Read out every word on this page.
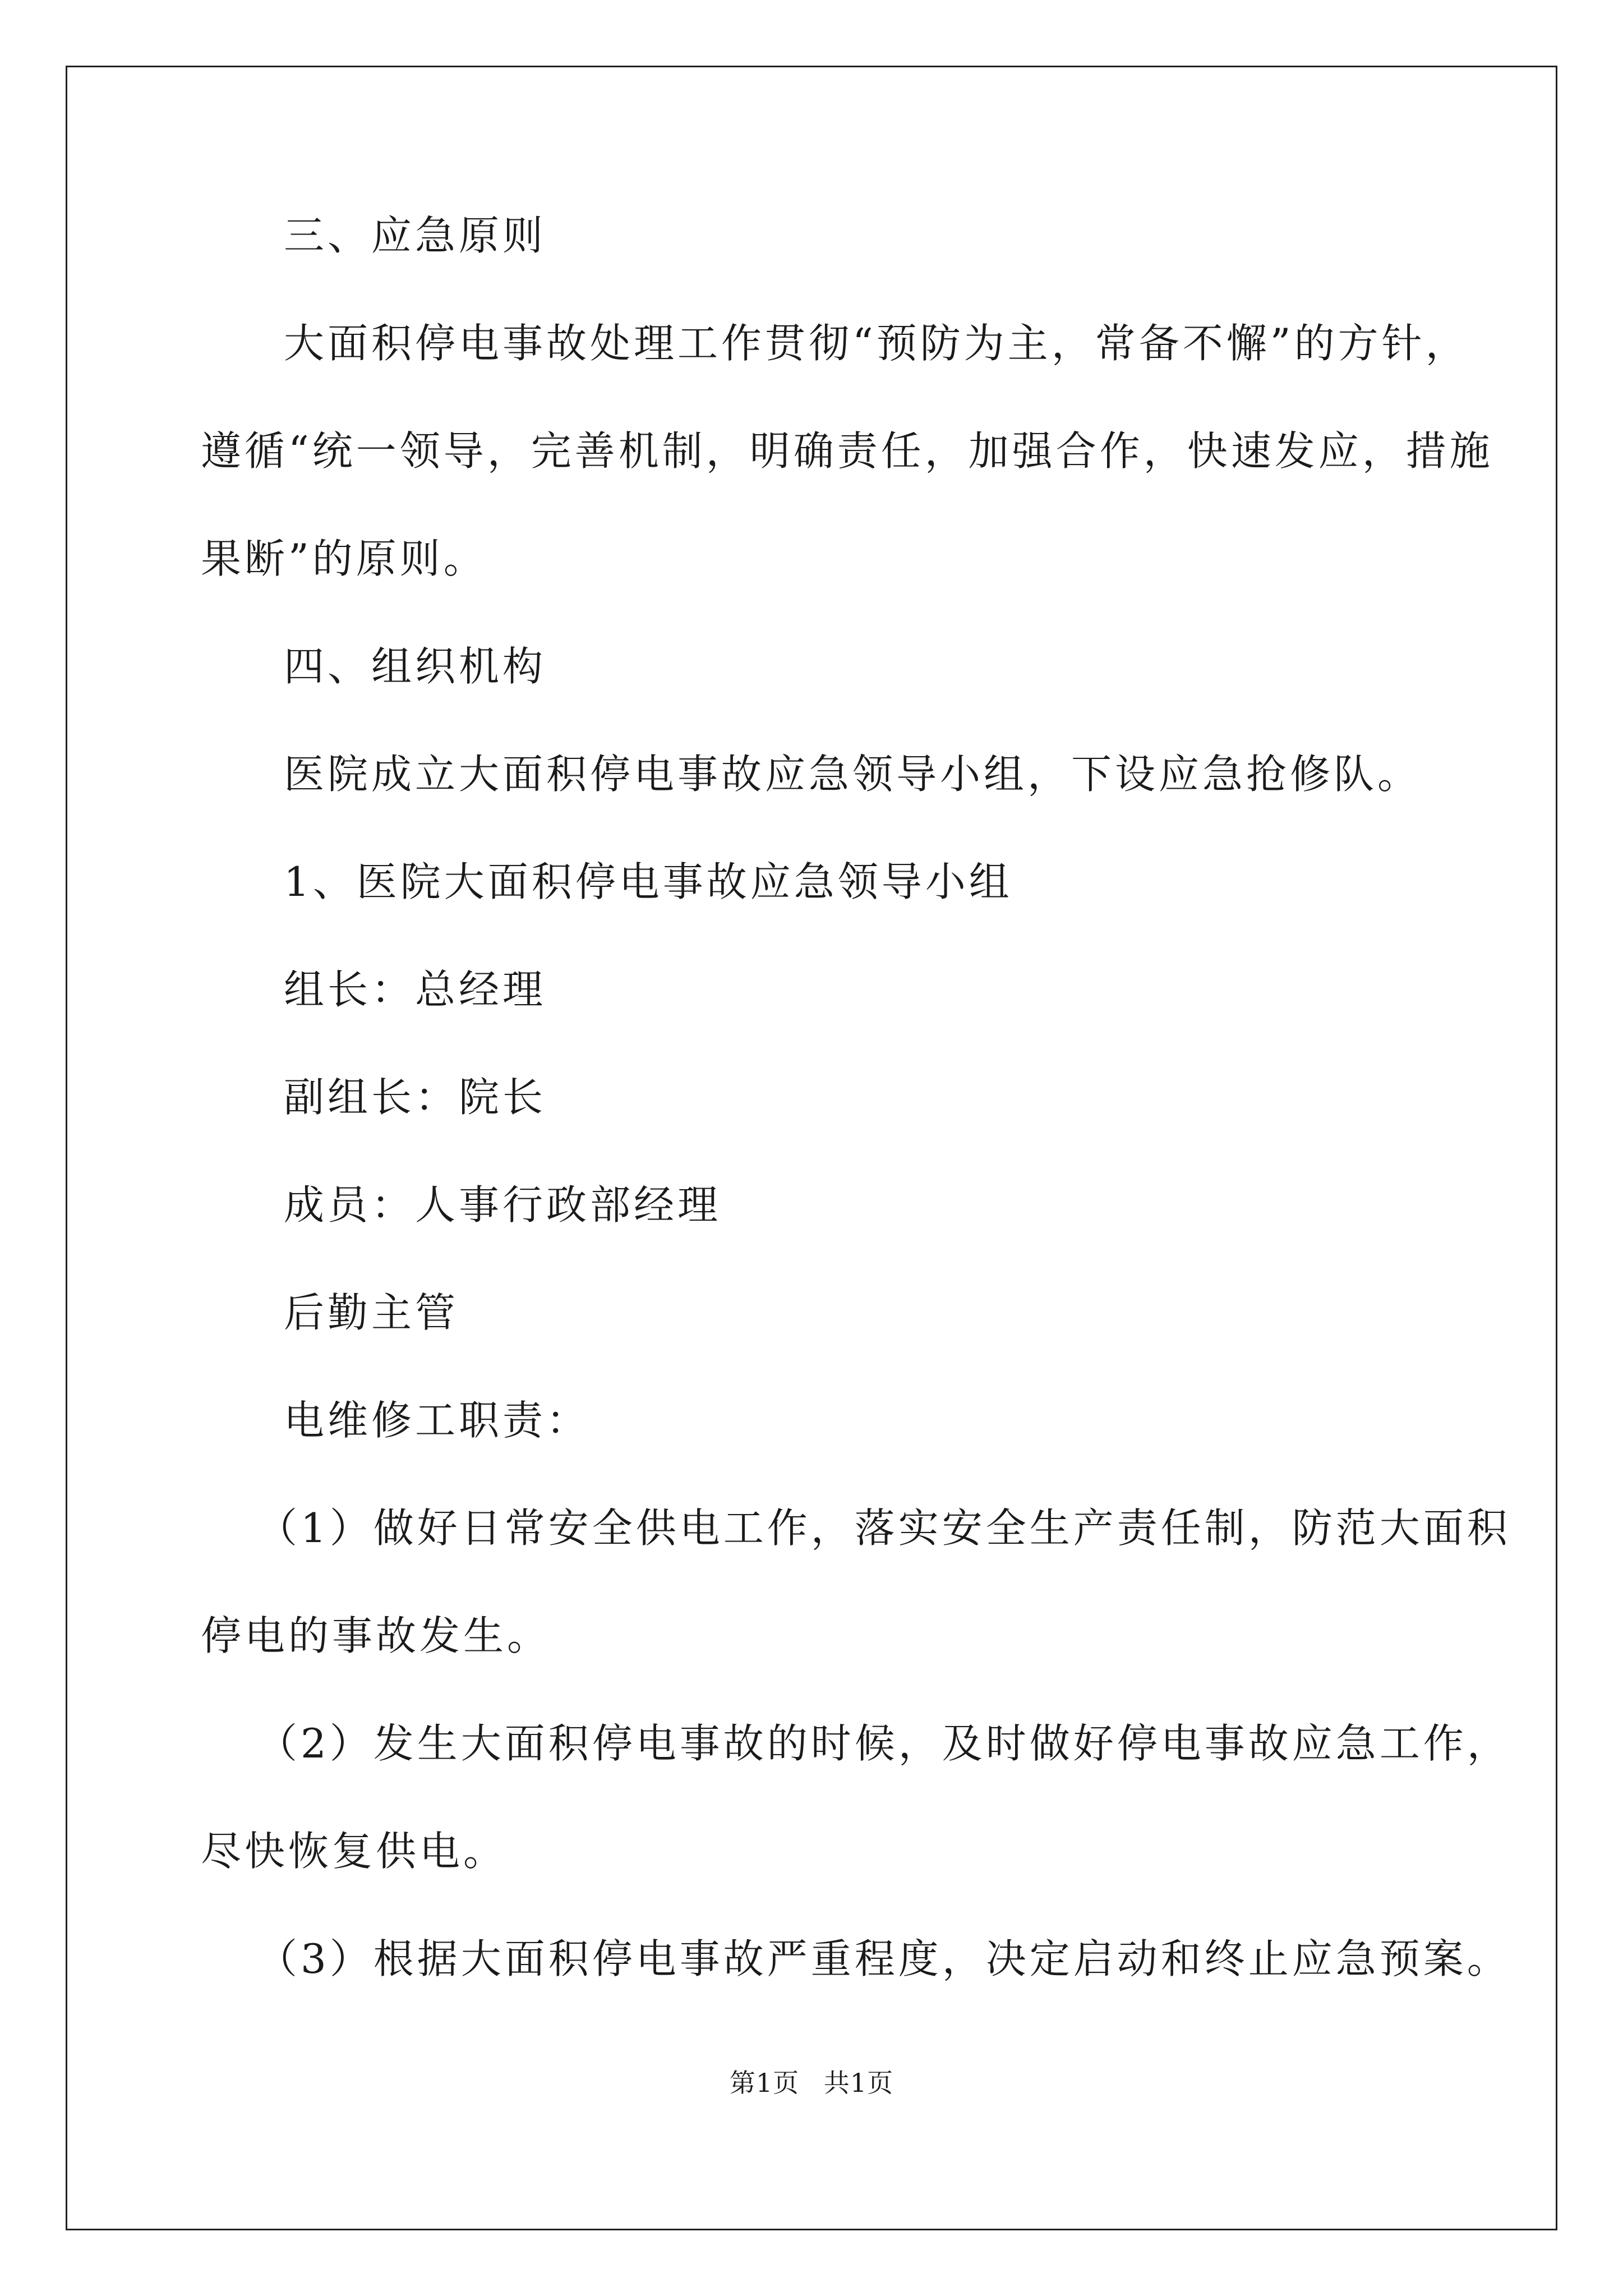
三、应急原则

大面积停电事故处理工作贯彻“预防为主，常备不懈”的方针，

遵循“统一领导，完善机制，明确责任，加强合作，快速发应，措施

果断”的原则。

四、组织机构

医院成立大面积停电事故应急领导小组，下设应急抢修队。

1、医院大面积停电事故应急领导小组

组长：总经理

副组长：院长

成员：人事行政部经理

后勤主管

电维修工职责：

（1）做好日常安全供电工作，落实安全生产责任制，防范大面积

停电的事故发生。

（2）发生大面积停电事故的时候，及时做好停电事故应急工作，

尽快恢复供电。

（3）根据大面积停电事故严重程度，决定启动和终止应急预案。

第1页 共1页
